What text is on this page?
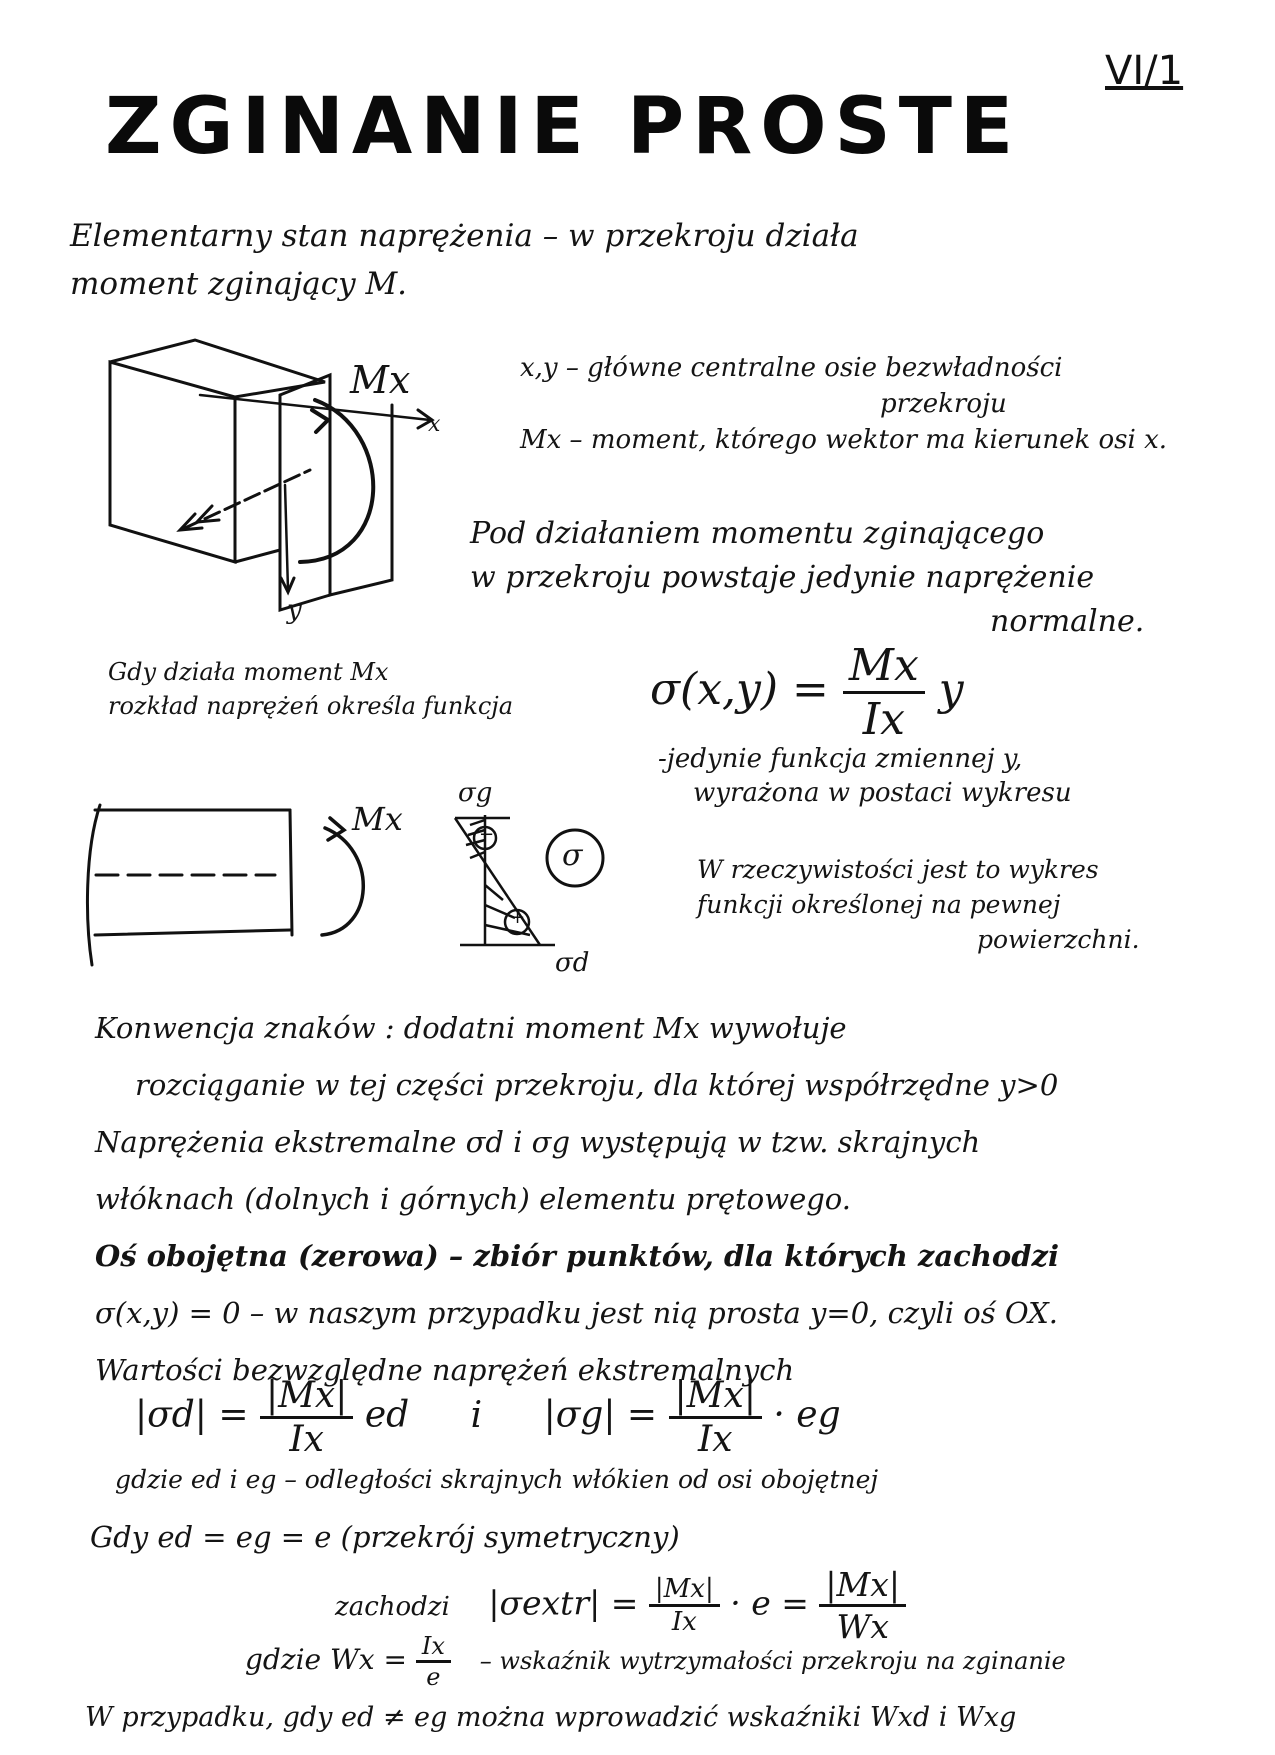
ZGINANIE PROSTE
VI/1
Elementarny stan naprężenia – w przekroju działa
moment zginający M.
Mx
x
y
x,y – główne centralne osie bezwładności
przekroju
Mx – moment, którego wektor ma kierunek osi x.
Pod działaniem momentu zginającego
w przekroju powstaje jedynie naprężenie
normalne.
Gdy działa moment Mx
rozkład naprężeń określa funkcja	$\sigma(x,y) = \frac{Mx}{Ix}$ y
-jedynie funkcja zmiennej y,
wyrażona w postaci wykresu
Mx
σg
σd
σ
−
+
W rzeczywistości jest to wykres
funkcji określonej na pewnej
powierzchni.
Konwencja znaków : dodatni moment Mx wywołuje
rozciąganie w tej części przekroju, dla której współrzędne y>0
Naprężenia ekstremalne σd i σg występują w tzw. skrajnych
włóknach (dolnych i górnych) elementu prętowego.
Oś obojętna (zerowa) – zbiór punktów, dla których zachodzi
σ(x,y) = 0 – w naszym przypadku jest nią prosta y=0, czyli oś OX.
Wartości bezwzględne naprężeń ekstremalnych
$|\sigma d| = \frac{|Mx|}{Ix}$ ed i $|\sigma g| = \frac{|Mx|}{Ix}$ · eg
gdzie ed i eg – odległości skrajnych włókien od osi obojętnej
Gdy ed = eg = e (przekrój symetryczny)
zachodzi |σextr| = $\frac{|Mx|}{Ix} \cdot e = \frac{|Mx|}{Wx}$
gdzie $Wx = \frac{Ix}{e}$ – wskaźnik wytrzymałości przekroju na zginanie
W przypadku, gdy ed ≠ eg można wprowadzić wskaźniki Wxd i Wxg
